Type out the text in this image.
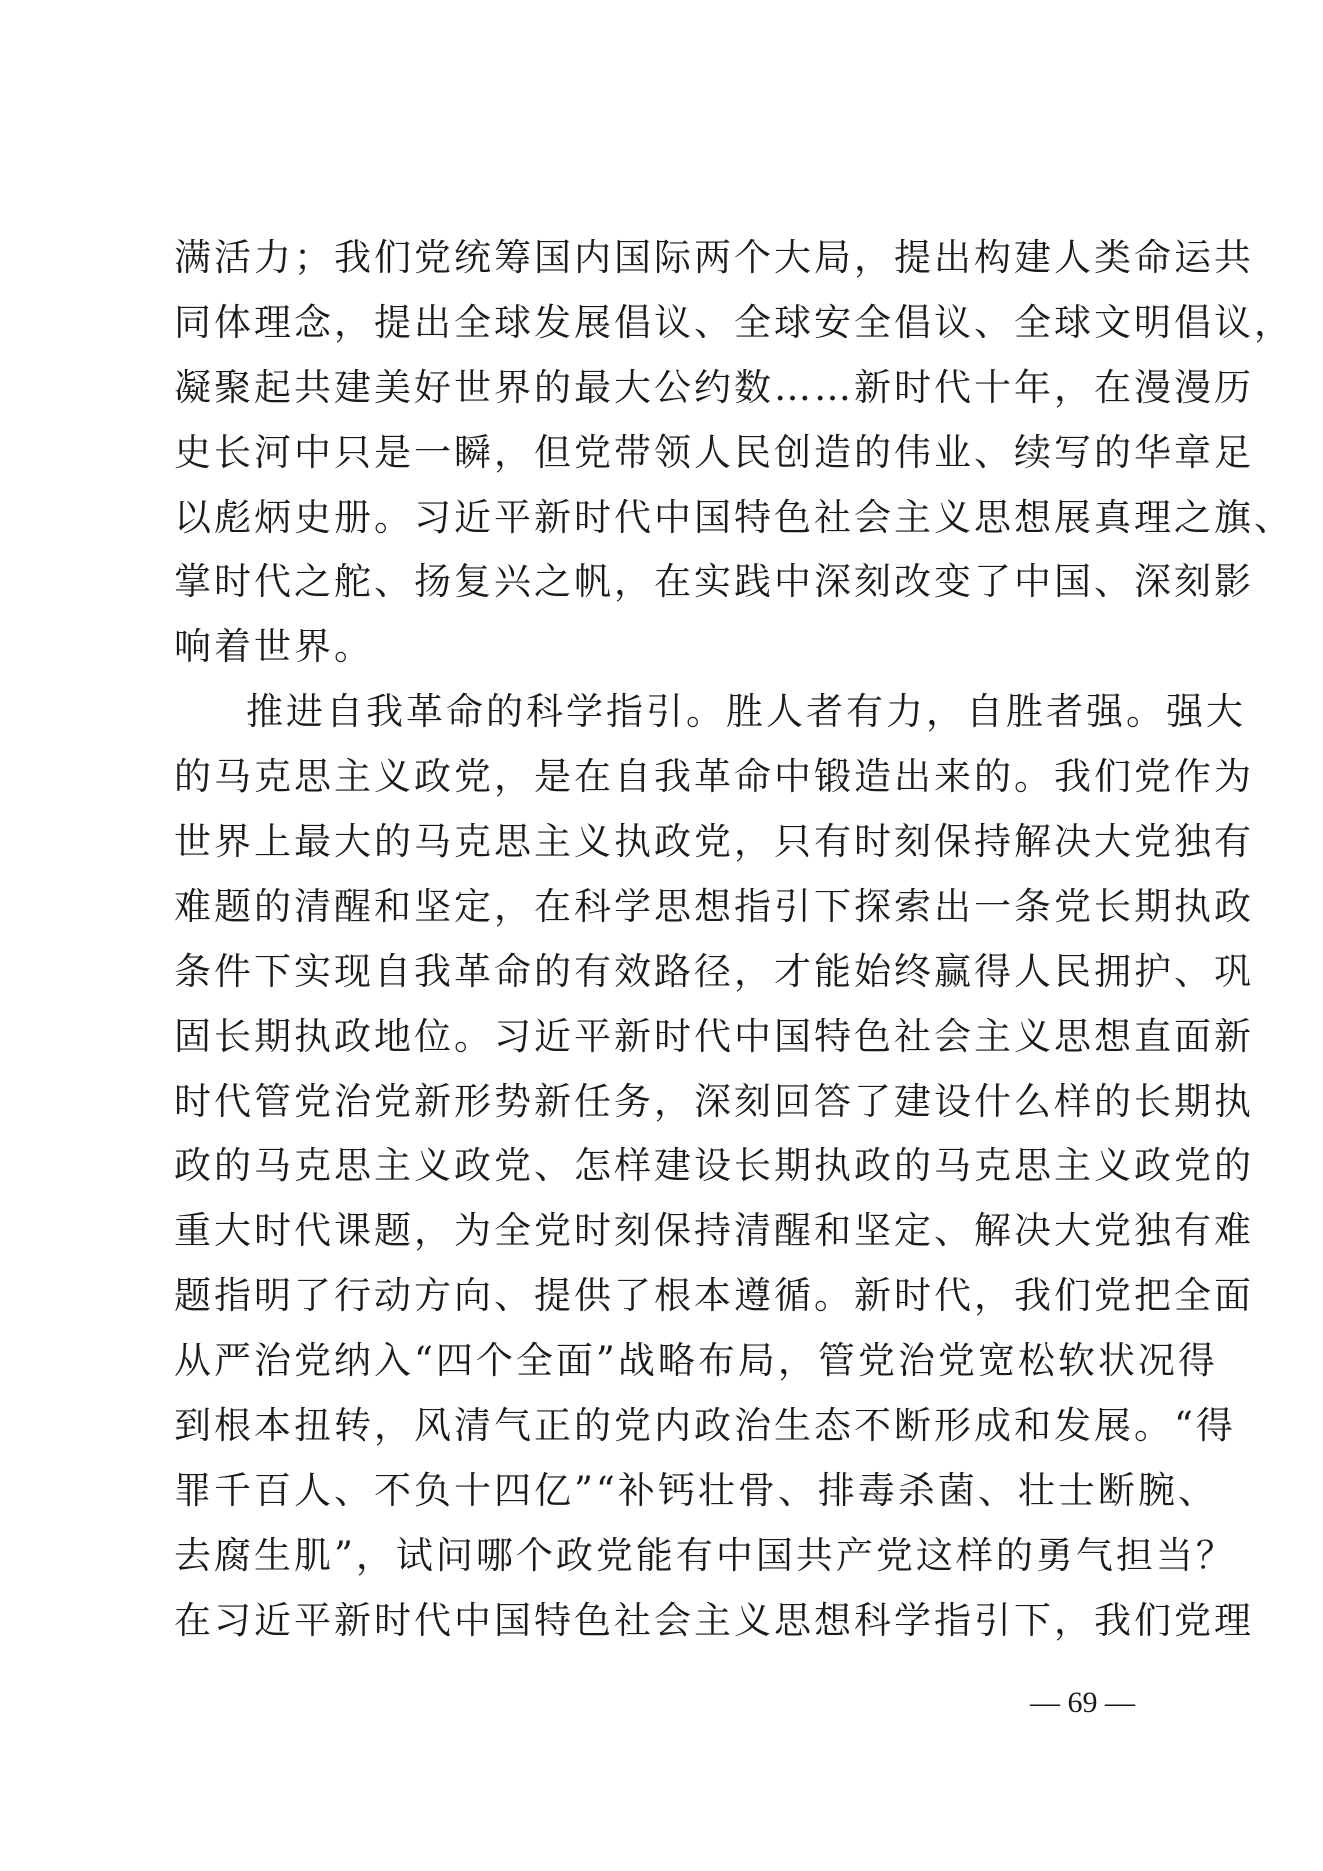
满活力；我们党统筹国内国际两个大局，提出构建人类命运共
同体理念，提出全球发展倡议、全球安全倡议、全球文明倡议，
凝聚起共建美好世界的最大公约数……新时代十年，在漫漫历
史长河中只是一瞬，但党带领人民创造的伟业、续写的华章足
以彪炳史册。习近平新时代中国特色社会主义思想展真理之旗、
掌时代之舵、扬复兴之帆，在实践中深刻改变了中国、深刻影
响着世界。
推进自我革命的科学指引。胜人者有力，自胜者强。强大
的马克思主义政党，是在自我革命中锻造出来的。我们党作为
世界上最大的马克思主义执政党，只有时刻保持解决大党独有
难题的清醒和坚定，在科学思想指引下探索出一条党长期执政
条件下实现自我革命的有效路径，才能始终赢得人民拥护、巩
固长期执政地位。习近平新时代中国特色社会主义思想直面新
时代管党治党新形势新任务，深刻回答了建设什么样的长期执
政的马克思主义政党、怎样建设长期执政的马克思主义政党的
重大时代课题，为全党时刻保持清醒和坚定、解决大党独有难
题指明了行动方向、提供了根本遵循。新时代，我们党把全面
从严治党纳入“四个全面”战略布局，管党治党宽松软状况得
到根本扭转，风清气正的党内政治生态不断形成和发展。“得
罪千百人、不负十四亿”“补钙壮骨、排毒杀菌、壮士断腕、
去腐生肌”，试问哪个政党能有中国共产党这样的勇气担当？
在习近平新时代中国特色社会主义思想科学指引下，我们党理
— 69 —
